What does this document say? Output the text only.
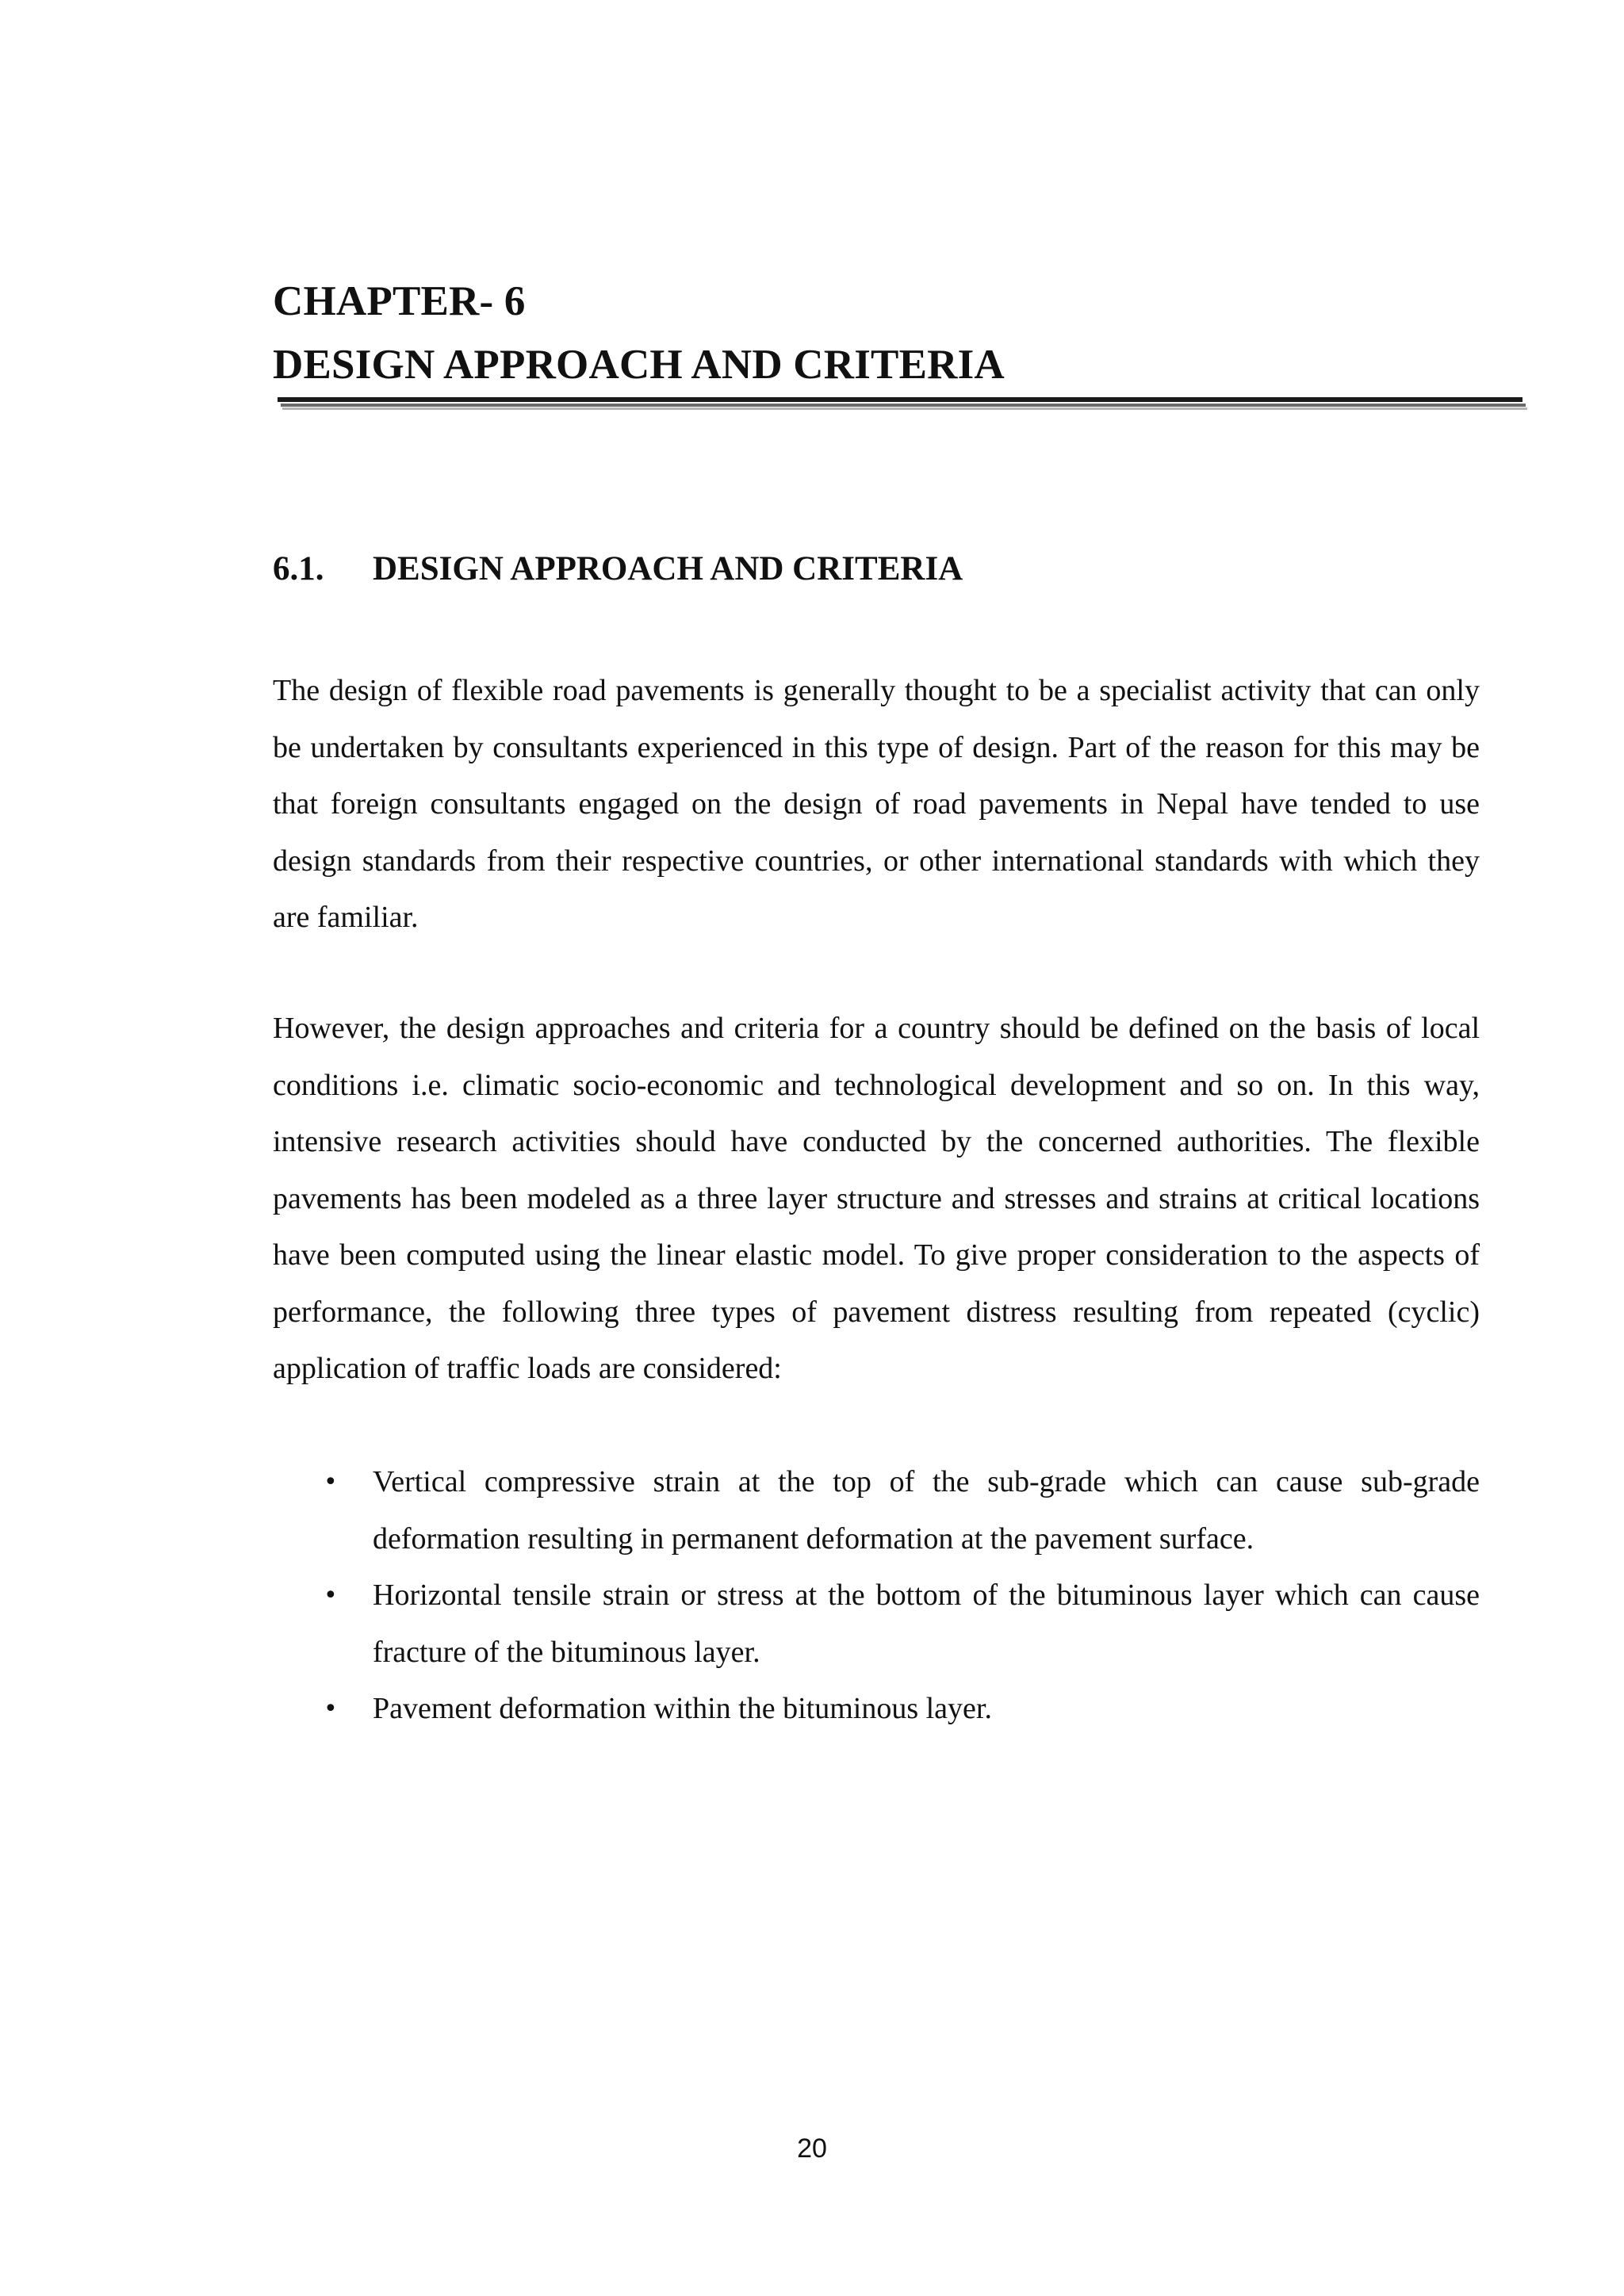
CHAPTER- 6
DESIGN APPROACH AND CRITERIA
6.1. DESIGN APPROACH AND CRITERIA

The design of flexible road pavements is generally thought to be a specialist activity that can only be undertaken by consultants experienced in this type of design. Part of the reason for this may be that foreign consultants engaged on the design of road pavements in Nepal have tended to use design standards from their respective countries, or other international standards with which they are familiar.

However, the design approaches and criteria for a country should be defined on the basis of local conditions i.e. climatic socio-economic and technological development and so on. In this way, intensive research activities should have conducted by the concerned authorities. The flexible pavements has been modeled as a three layer structure and stresses and strains at critical locations have been computed using the linear elastic model. To give proper consideration to the aspects of performance, the following three types of pavement distress resulting from repeated (cyclic) application of traffic loads are considered:

• Vertical compressive strain at the top of the sub-grade which can cause sub-grade deformation resulting in permanent deformation at the pavement surface.
• Horizontal tensile strain or stress at the bottom of the bituminous layer which can cause fracture of the bituminous layer.
• Pavement deformation within the bituminous layer.
20
